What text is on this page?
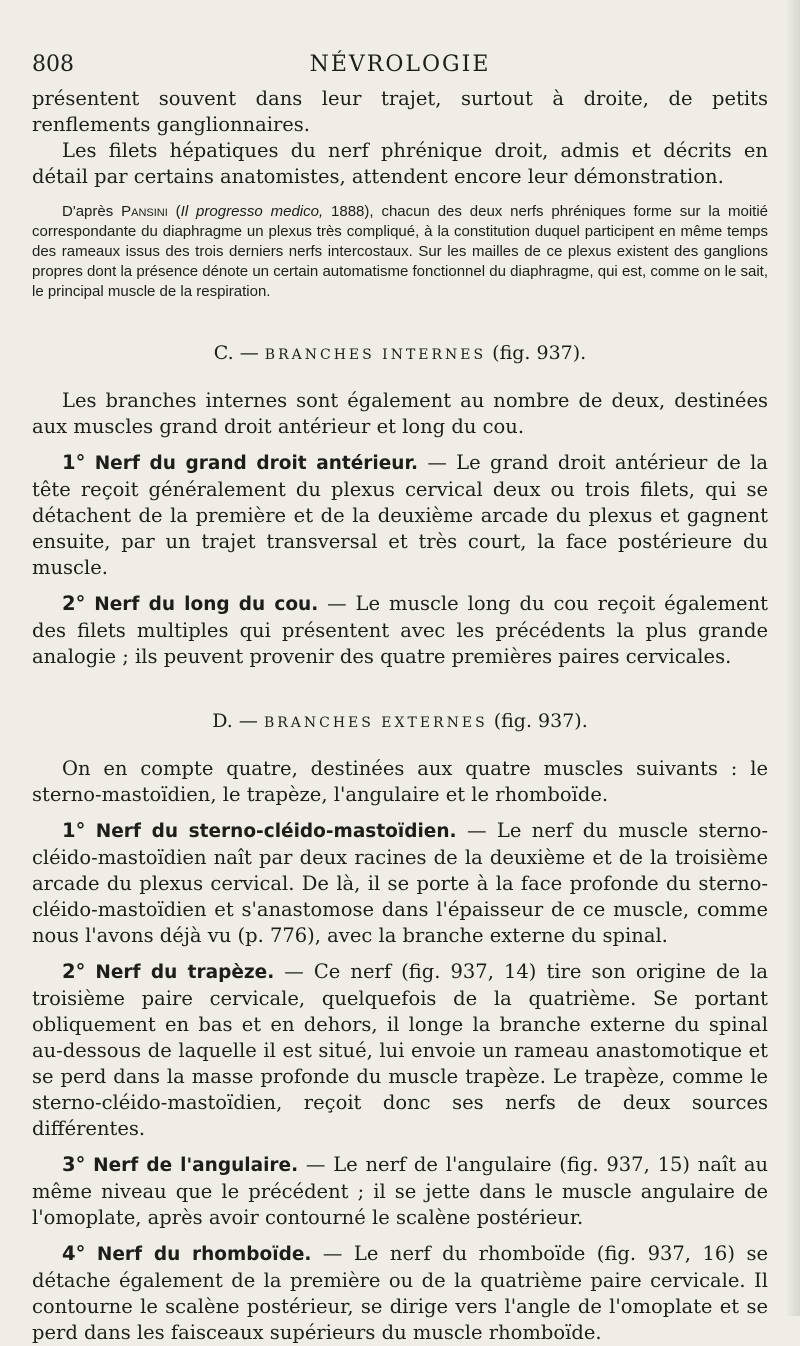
808	NÉVROLOGIE

présentent souvent dans leur trajet, surtout à droite, de petits renflements ganglionnaires.

Les filets hépatiques du nerf phrénique droit, admis et décrits en détail par certains anatomistes, attendent encore leur démonstration.

D'après Pansini (Il progresso medico, 1888), chacun des deux nerfs phréniques forme sur la moitié correspondante du diaphragme un plexus très compliqué, à la constitution duquel participent en même temps des rameaux issus des trois derniers nerfs intercostaux. Sur les mailles de ce plexus existent des ganglions propres dont la présence dénote un certain automatisme fonctionnel du diaphragme, qui est, comme on le sait, le principal muscle de la respiration.

C. — BRANCHES INTERNES (fig. 937).

Les branches internes sont également au nombre de deux, destinées aux muscles grand droit antérieur et long du cou.

1° Nerf du grand droit antérieur. — Le grand droit antérieur de la tête reçoit généralement du plexus cervical deux ou trois filets, qui se détachent de la première et de la deuxième arcade du plexus et gagnent ensuite, par un trajet transversal et très court, la face postérieure du muscle.

2° Nerf du long du cou. — Le muscle long du cou reçoit également des filets multiples qui présentent avec les précédents la plus grande analogie ; ils peuvent provenir des quatre premières paires cervicales.

D. — BRANCHES EXTERNES (fig. 937).

On en compte quatre, destinées aux quatre muscles suivants : le sterno-mastoïdien, le trapèze, l'angulaire et le rhomboïde.

1° Nerf du sterno-cléido-mastoïdien. — Le nerf du muscle sterno-cléido-mastoïdien naît par deux racines de la deuxième et de la troisième arcade du plexus cervical. De là, il se porte à la face profonde du sterno-cléido-mastoïdien et s'anastomose dans l'épaisseur de ce muscle, comme nous l'avons déjà vu (p. 776), avec la branche externe du spinal.

2° Nerf du trapèze. — Ce nerf (fig. 937, 14) tire son origine de la troisième paire cervicale, quelquefois de la quatrième. Se portant obliquement en bas et en dehors, il longe la branche externe du spinal au-dessous de laquelle il est situé, lui envoie un rameau anastomotique et se perd dans la masse profonde du muscle trapèze. Le trapèze, comme le sterno-cléido-mastoïdien, reçoit donc ses nerfs de deux sources différentes.

3° Nerf de l'angulaire. — Le nerf de l'angulaire (fig. 937, 15) naît au même niveau que le précédent ; il se jette dans le muscle angulaire de l'omoplate, après avoir contourné le scalène postérieur.

4° Nerf du rhomboïde. — Le nerf du rhomboïde (fig. 937, 16) se détache également de la première ou de la quatrième paire cervicale. Il contourne le scalène postérieur, se dirige vers l'angle de l'omoplate et se perd dans les faisceaux supérieurs du muscle rhomboïde.
